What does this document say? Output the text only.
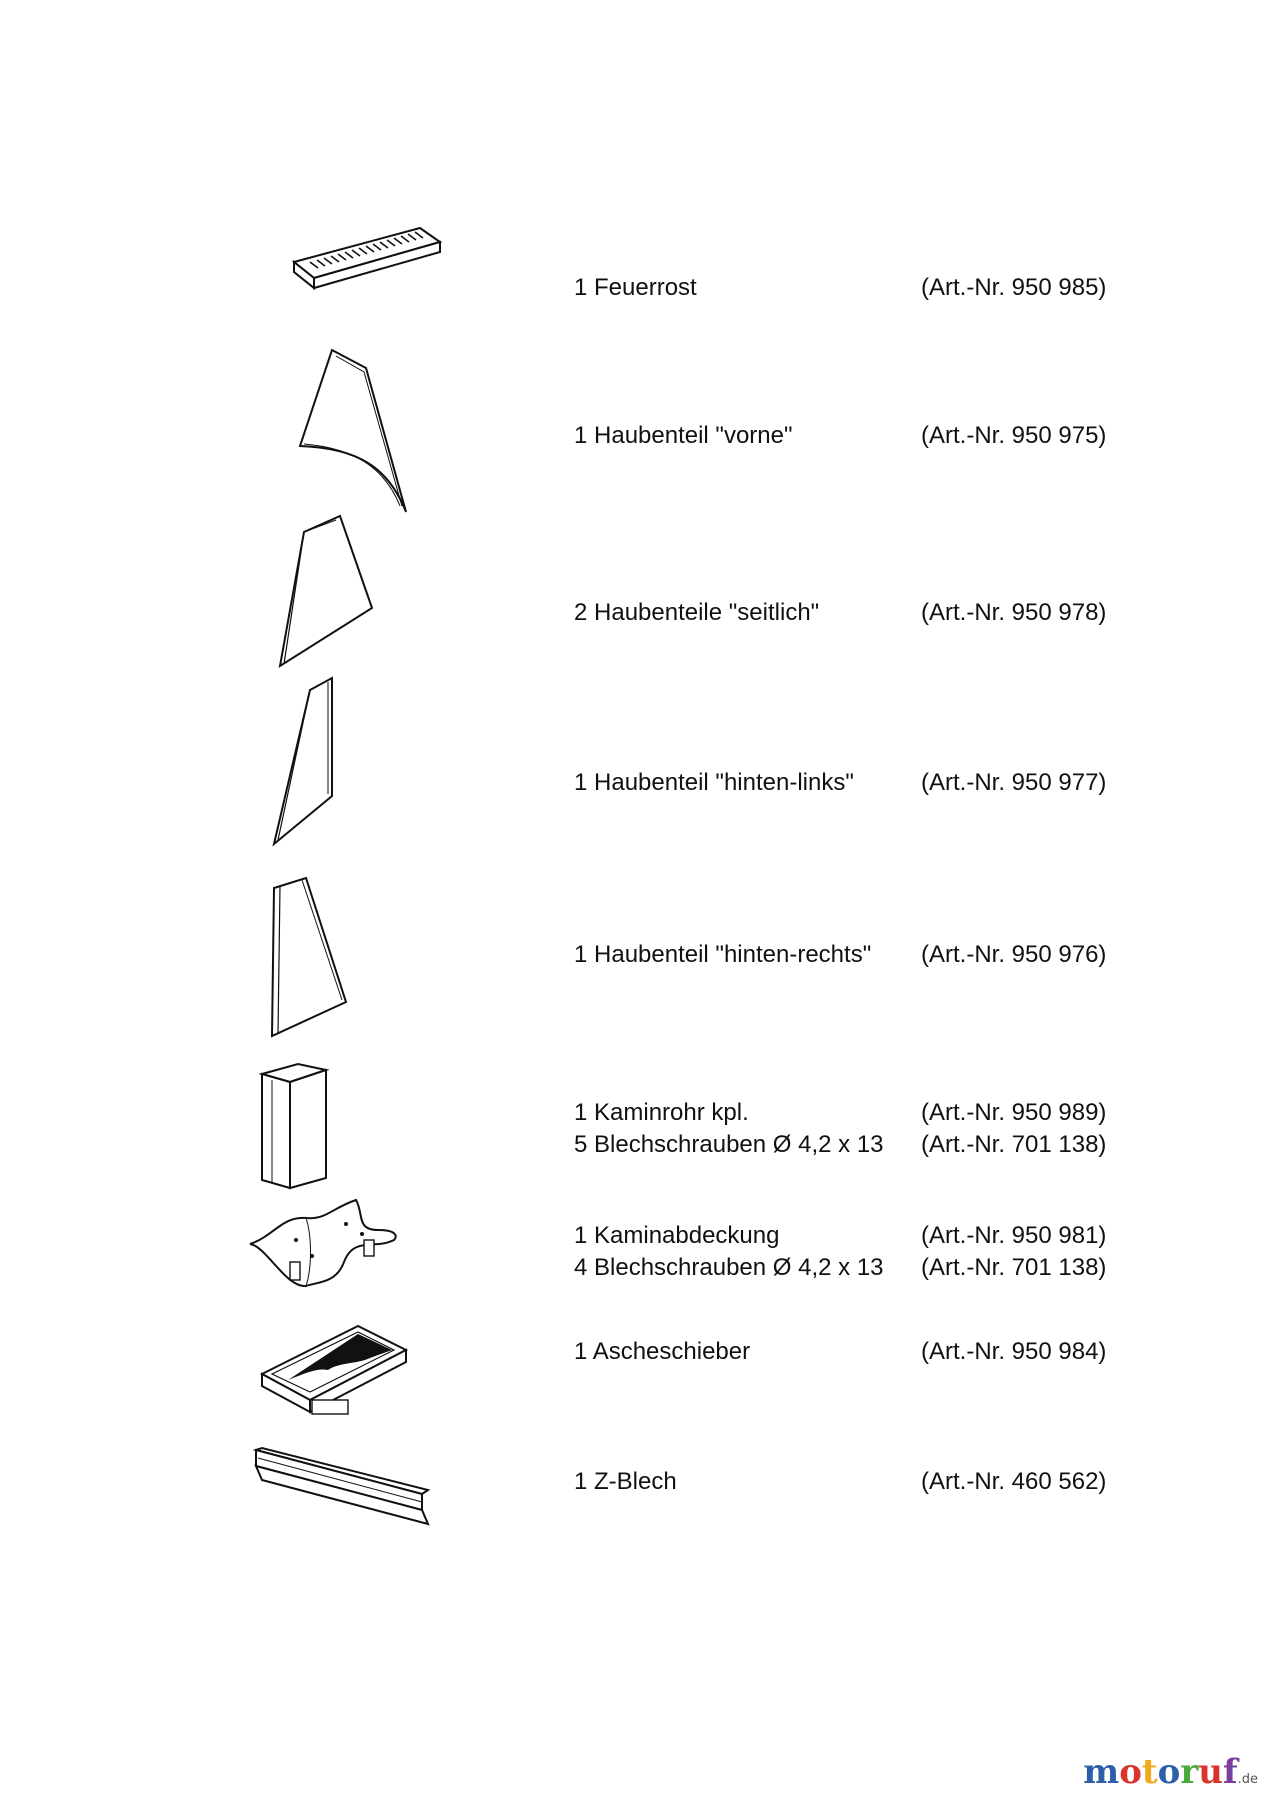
1 Feuerrost	(Art.-Nr. 950 985)
1 Haubenteil "vorne"	(Art.-Nr. 950 975)
2 Haubenteile "seitlich"	(Art.-Nr. 950 978)
1 Haubenteil "hinten-links"	(Art.-Nr. 950 977)
1 Haubenteil "hinten-rechts" (Art.-Nr. 950 976)
1 Kaminrohr kpl.	(Art.-Nr. 950 989)
5 Blechschrauben Ø 4,2 x 13 (Art.-Nr. 701 138)
1 Kaminabdeckung	(Art.-Nr. 950 981)
4 Blechschrauben Ø 4,2 x 13 (Art.-Nr. 701 138)
1 Ascheschieber	(Art.-Nr. 950 984)
1 Z-Blech	(Art.-Nr. 460 562)
motoruf.de
